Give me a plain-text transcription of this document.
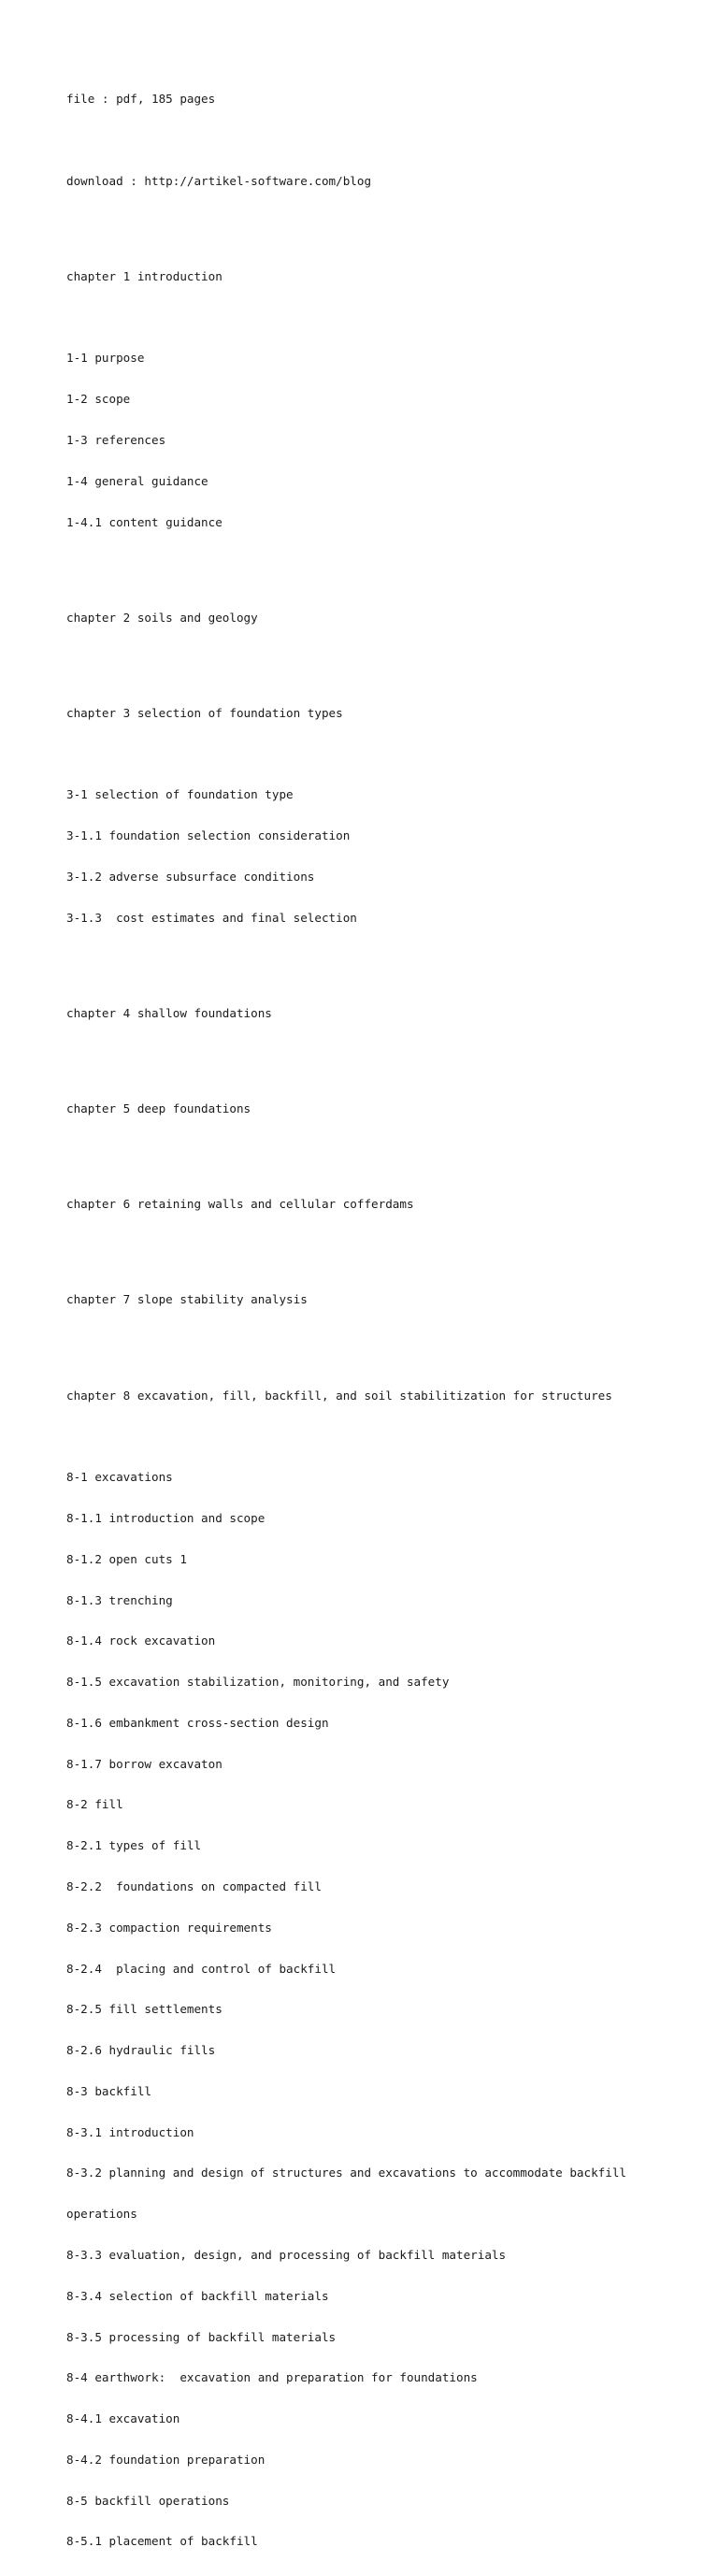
file : pdf, 185 pages

download : http://artikel-software.com/blog

chapter 1 introduction

1-1 purpose

1-2 scope

1-3 references

1-4 general guidance

1-4.1 content guidance

chapter 2 soils and geology

chapter 3 selection of foundation types

3-1 selection of foundation type

3-1.1 foundation selection consideration

3-1.2 adverse subsurface conditions

3-1.3  cost estimates and final selection

chapter 4 shallow foundations

chapter 5 deep foundations

chapter 6 retaining walls and cellular cofferdams

chapter 7 slope stability analysis

chapter 8 excavation, fill, backfill, and soil stabilitization for structures

8-1 excavations

8-1.1 introduction and scope

8-1.2 open cuts 1

8-1.3 trenching

8-1.4 rock excavation

8-1.5 excavation stabilization, monitoring, and safety

8-1.6 embankment cross-section design

8-1.7 borrow excavaton

8-2 fill

8-2.1 types of fill

8-2.2  foundations on compacted fill

8-2.3 compaction requirements

8-2.4  placing and control of backfill

8-2.5 fill settlements

8-2.6 hydraulic fills

8-3 backfill

8-3.1 introduction

8-3.2 planning and design of structures and excavations to accommodate backfill

operations

8-3.3 evaluation, design, and processing of backfill materials

8-3.4 selection of backfill materials

8-3.5 processing of backfill materials

8-4 earthwork:  excavation and preparation for foundations

8-4.1 excavation

8-4.2 foundation preparation

8-5 backfill operations

8-5.1 placement of backfill
